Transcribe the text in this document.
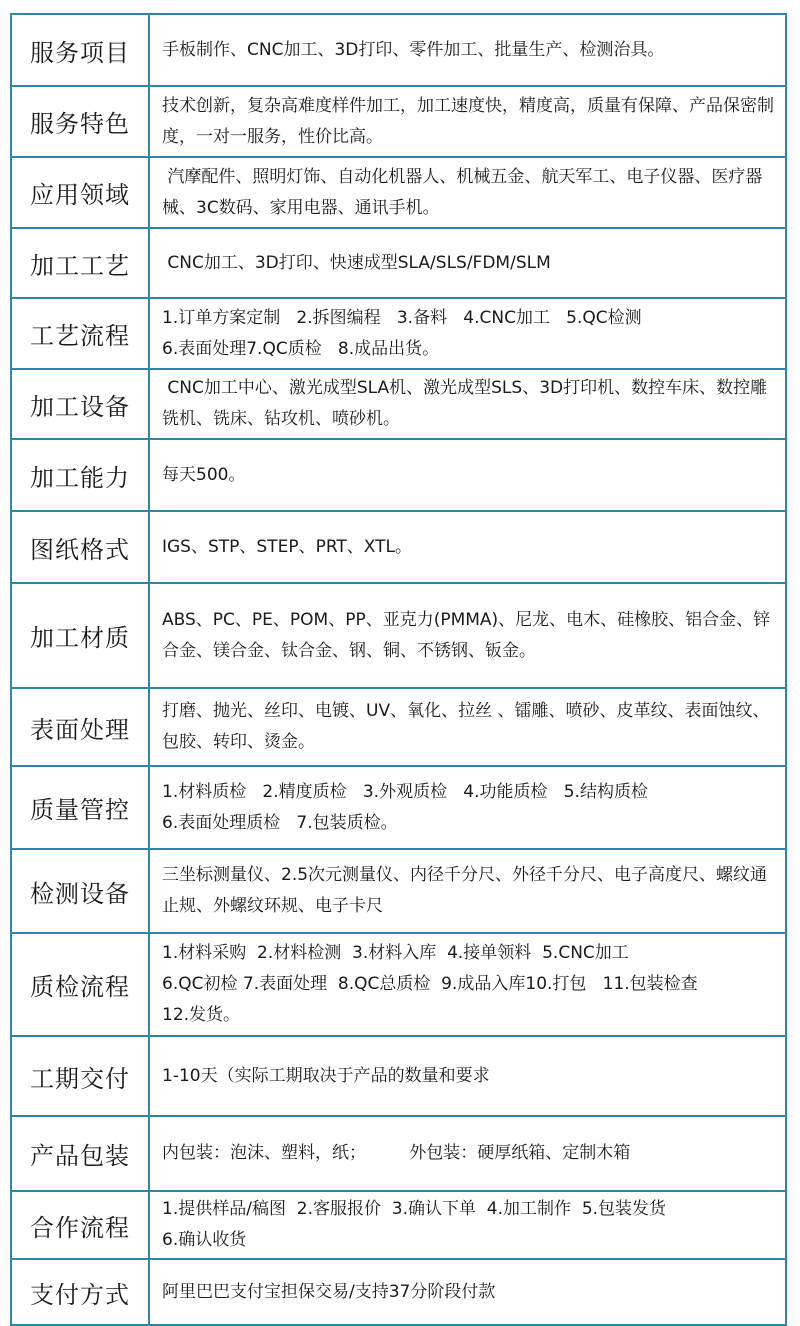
服务项目	手板制作、CNC加工、3D打印、零件加工、批量生产、检测治具。
服务特色	技术创新，复杂高难度样件加工，加工速度快，精度高，质量有保障、产品保密制度，一对一服务，性价比高。
应用领域	汽摩配件、照明灯饰、自动化机器人、机械五金、航天军工、电子仪器、医疗器械、3C数码、家用电器、通讯手机。
加工工艺	CNC加工、3D打印、快速成型SLA/SLS/FDM/SLM
工艺流程	1.订单方案定制   2.拆图编程   3.备料   4.CNC加工   5.QC检测
6.表面处理7.QC质检   8.成品出货。
加工设备	CNC加工中心、激光成型SLA机、激光成型SLS、3D打印机、数控车床、数控雕铣机、铣床、钻攻机、喷砂机。
加工能力	每天500。
图纸格式	IGS、STP、STEP、PRT、XTL。
加工材质	ABS、PC、PE、POM、PP、亚克力(PMMA)、尼龙、电木、硅橡胶、铝合金、锌合金、镁合金、钛合金、钢、铜、不锈钢、钣金。
表面处理	打磨、抛光、丝印、电镀、UV、氧化、拉丝 、镭雕、喷砂、皮革纹、表面蚀纹、包胶、转印、烫金。
质量管控	1.材料质检   2.精度质检   3.外观质检   4.功能质检   5.结构质检
6.表面处理质检   7.包装质检。
检测设备	三坐标测量仪、2.5次元测量仪、内径千分尺、外径千分尺、电子高度尺、螺纹通止规、外螺纹环规、电子卡尺
质检流程	1.材料采购  2.材料检测  3.材料入库  4.接单领料  5.CNC加工
6.QC初检 7.表面处理  8.QC总质检  9.成品入库10.打包   11.包装检查
12.发货。
工期交付	1-10天（实际工期取决于产品的数量和要求
产品包装	内包装：泡沫、塑料，纸；        外包装：硬厚纸箱、定制木箱
合作流程	1.提供样品/稿图  2.客服报价  3.确认下单  4.加工制作  5.包装发货
6.确认收货
支付方式	阿里巴巴支付宝担保交易/支持37分阶段付款
